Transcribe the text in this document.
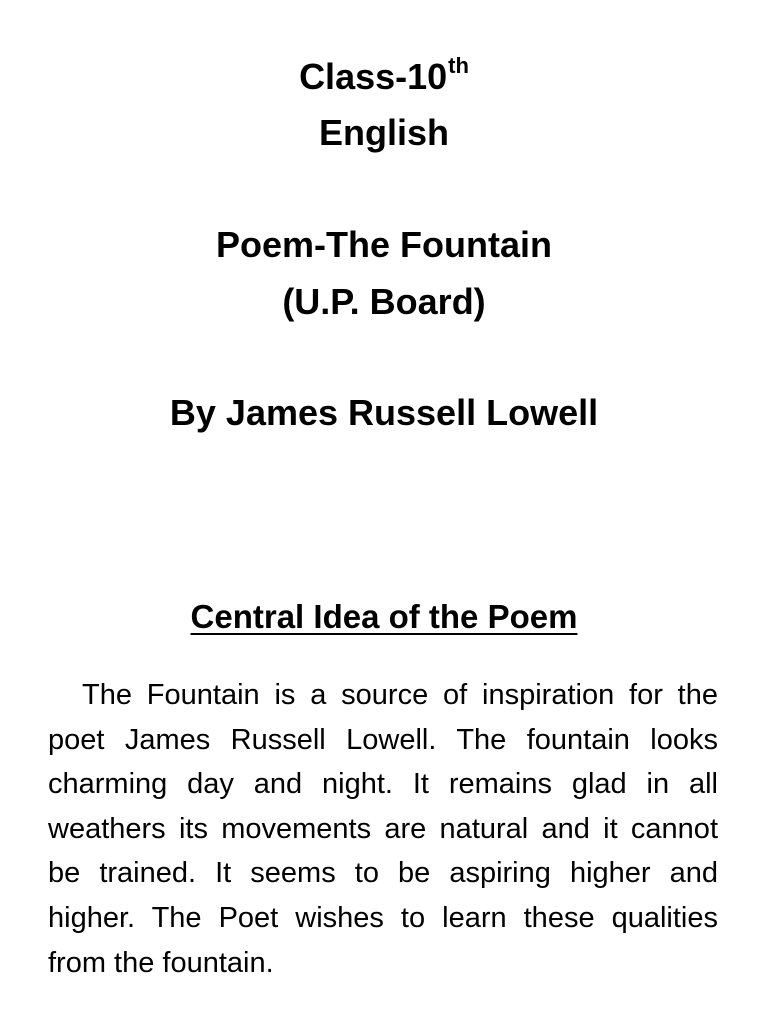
Class-10th
English
Poem-The Fountain
(U.P. Board)
By James Russell Lowell
Central Idea of the Poem

The Fountain is a source of inspiration for the poet James Russell Lowell. The fountain looks charming day and night. It remains glad in all weathers its movements are natural and it cannot be trained. It seems to be aspiring higher and higher. The Poet wishes to learn these qualities from the fountain.
